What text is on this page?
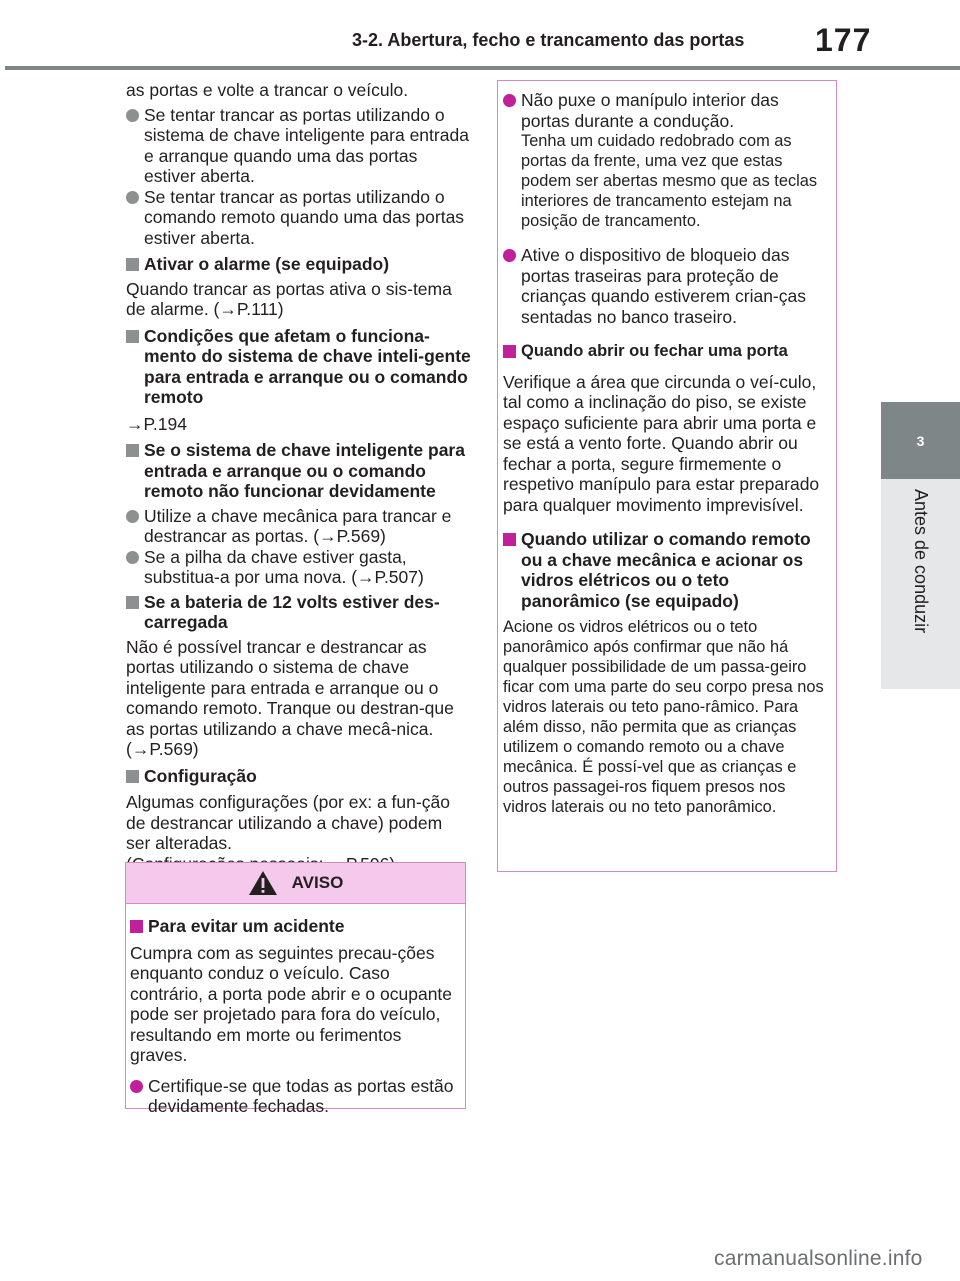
3-2. Abertura, fecho e trancamento das portas	177
3
Antes de conduzir

as portas e volte a trancar o veículo.

Se tentar trancar as portas utilizando o sistema de chave inteligente para entrada e arranque quando uma das portas estiver aberta.
Se tentar trancar as portas utilizando o comando remoto quando uma das portas estiver aberta.
Ativar o alarme (se equipado)

Quando trancar as portas ativa o sis-tema de alarme. (→P.111)

Condições que afetam o funciona-mento do sistema de chave inteli-gente para entrada e arranque ou o comando remoto

→P.194

Se o sistema de chave inteligente para entrada e arranque ou o comando remoto não funcionar devidamente
Utilize a chave mecânica para trancar e destrancar as portas. (→P.569)
Se a pilha da chave estiver gasta, substitua-a por uma nova. (→P.507)
Se a bateria de 12 volts estiver des-carregada

Não é possível trancar e destrancar as portas utilizando o sistema de chave inteligente para entrada e arranque ou o comando remoto. Tranque ou destran-que as portas utilizando a chave mecâ-nica. (→P.569)

Configuração

Algumas configurações (por ex: a fun-ção de destrancar utilizando a chave) podem ser alteradas.

AVISO
Para evitar um acidente

Cumpra com as seguintes precau-ções enquanto conduz o veículo. Caso contrário, a porta pode abrir e o ocupante pode ser projetado para fora do veículo, resultando em morte ou ferimentos graves.

Certifique-se que todas as portas estão devidamente fechadas.
Não puxe o manípulo interior das portas durante a condução.
Tenha um cuidado redobrado com as portas da frente, uma vez que estas podem ser abertas mesmo que as teclas interiores de trancamento estejam na posição de trancamento.
Ative o dispositivo de bloqueio das portas traseiras para proteção de crianças quando estiverem crian-ças sentadas no banco traseiro.
Quando abrir ou fechar uma porta

Verifique a área que circunda o veí-culo, tal como a inclinação do piso, se existe espaço suficiente para abrir uma porta e se está a vento forte. Quando abrir ou fechar a porta, segure firmemente o respetivo manípulo para estar preparado para qualquer movimento imprevisível.

Quando utilizar o comando remoto ou a chave mecânica e acionar os vidros elétricos ou o teto panorâmico (se equipado)

Acione os vidros elétricos ou o teto panorâmico após confirmar que não há qualquer possibilidade de um passa-geiro ficar com uma parte do seu corpo presa nos vidros laterais ou teto pano-râmico. Para além disso, não permita que as crianças utilizem o comando remoto ou a chave mecânica. É possí-vel que as crianças e outros passagei-ros fiquem presos nos vidros laterais ou no teto panorâmico.

carmanualsonline.info
